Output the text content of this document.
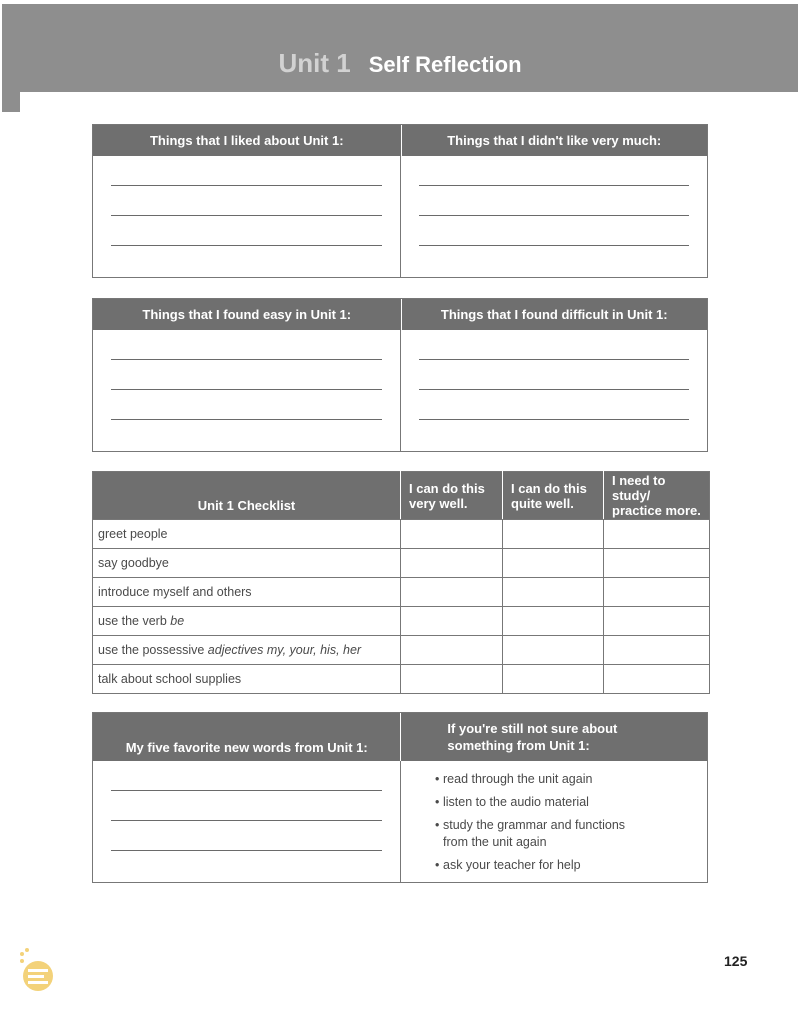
Unit 1 Self Reflection
Things that I liked about Unit 1:	Things that I didn't like very much:
Things that I found easy in Unit 1:	Things that I found difficult in Unit 1:
Unit 1 Checklist	I can do this very well.	I can do this quite well.	I need to study/ practice more.
greet people			
say goodbye			
introduce myself and others			
use the verb be			
use the possessive adjectives my, your, his, her			
talk about school supplies			
My five favorite new words from Unit 1:
If you're still not sure about something from Unit 1:
• read through the unit again
• listen to the audio material
• study the grammar and functions from the unit again
• ask your teacher for help
125
